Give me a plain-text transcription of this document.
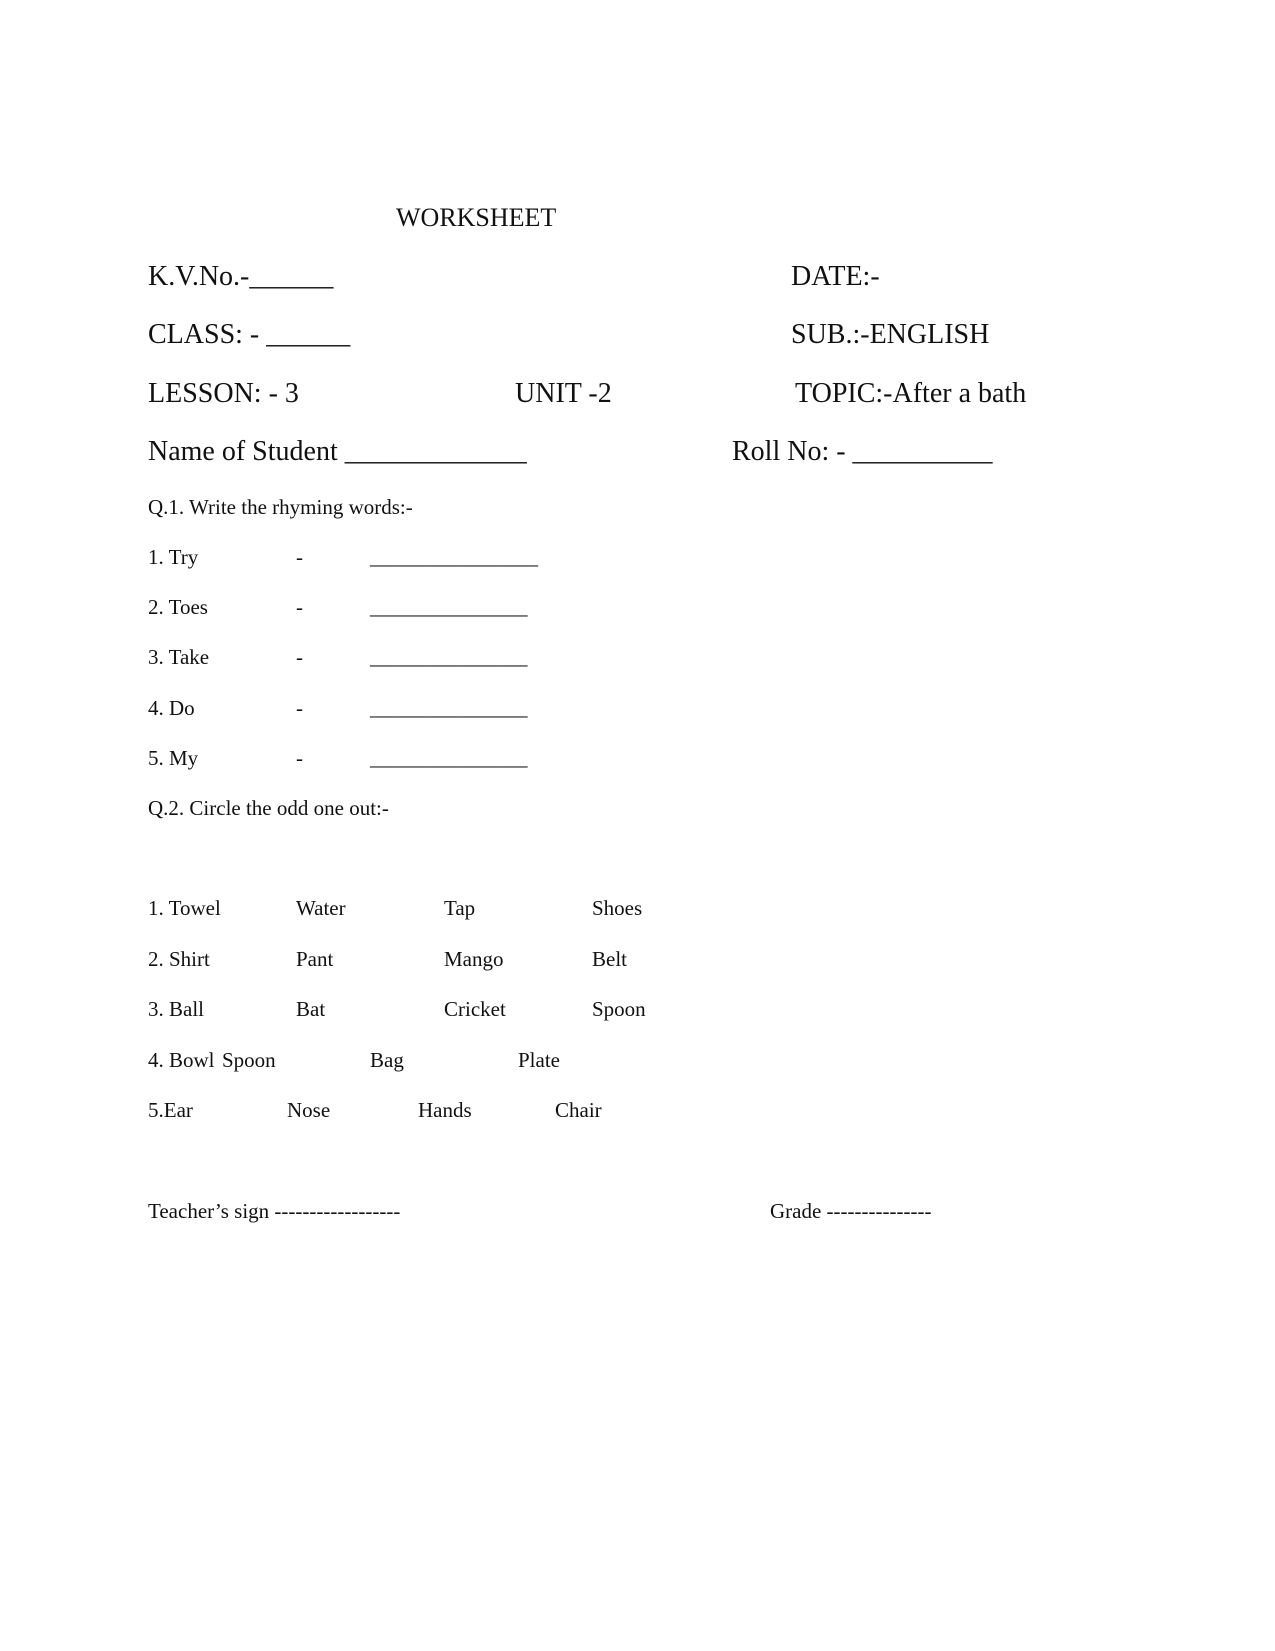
WORKSHEET
K.V.No.-______	DATE:-
CLASS: - ______	SUB.:-ENGLISH
LESSON: - 3	UNIT -2	TOPIC:-After a bath
Name of Student _____________	Roll No: - __________
Q.1. Write the rhyming words:-
1. Try	-	________________
2. Toes	-	_______________
3. Take	-	_______________
4. Do	-	_______________
5. My	-	_______________
Q.2. Circle the odd one out:-
1. Towel	Water	Tap	Shoes
2. Shirt	Pant	Mango	Belt
3. Ball	Bat	Cricket	Spoon
4. Bowl Spoon	Bag	Plate
5.Ear	Nose	Hands	Chair
Teacher’s sign ------------------	Grade ---------------
